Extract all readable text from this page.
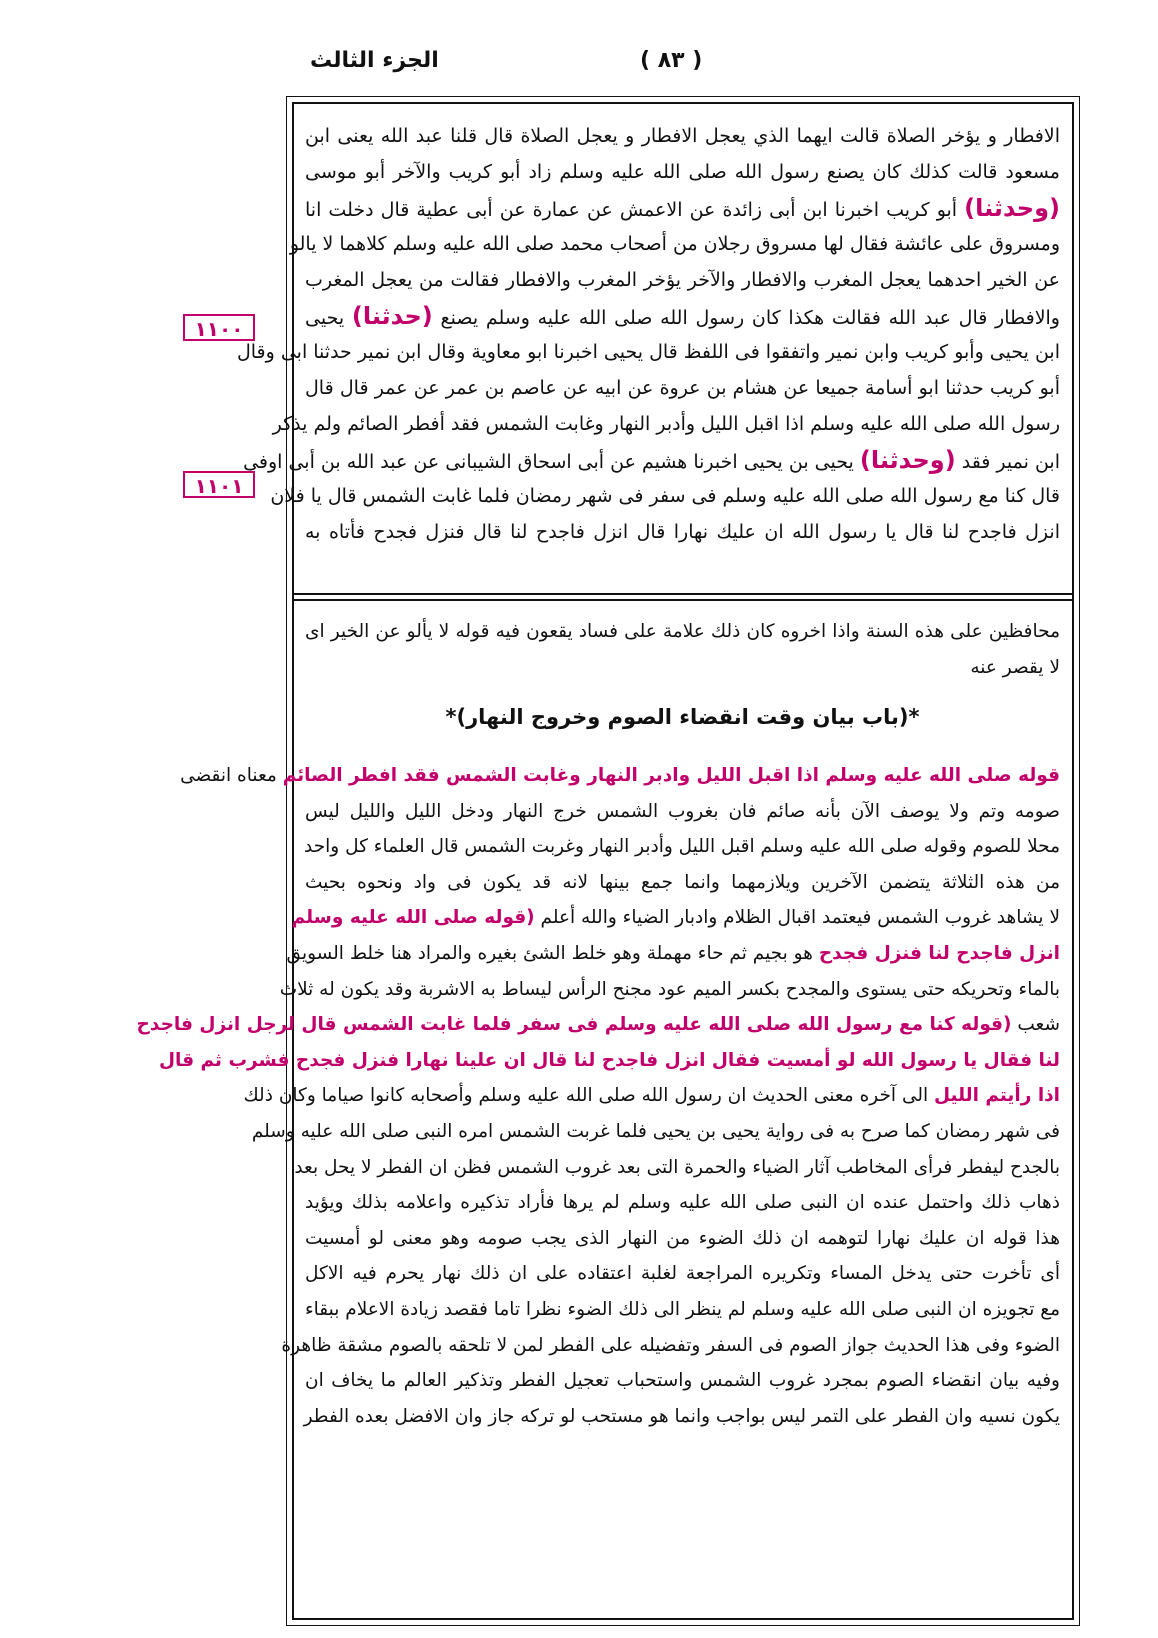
الجزء الثالث	( ٨٣ )
١١٠٠
١١٠١
الافطار و يؤخر الصلاة قالت ايهما الذي يعجل الافطار و يعجل الصلاة قال قلنا عبد الله يعنى ابن
مسعود قالت كذلك كان يصنع رسول الله صلى الله عليه وسلم زاد أبو كريب والآخر أبو موسى
(وحدثنا) أبو كريب اخبرنا ابن أبى زائدة عن الاعمش عن عمارة عن أبى عطية قال دخلت انا
ومسروق على عائشة فقال لها مسروق رجلان من أصحاب محمد صلى الله عليه وسلم كلاهما لا يالو
عن الخير احدهما يعجل المغرب والافطار والآخر يؤخر المغرب والافطار فقالت من يعجل المغرب
والافطار قال عبد الله فقالت هكذا كان رسول الله صلى الله عليه وسلم يصنع (حدثنا) يحيى
ابن يحيى وأبو كريب وابن نمير واتفقوا فى اللفظ قال يحيى اخبرنا ابو معاوية وقال ابن نمير حدثنا ابى وقال
أبو كريب حدثنا ابو أسامة جميعا عن هشام بن عروة عن ابيه عن عاصم بن عمر عن عمر قال قال
رسول الله صلى الله عليه وسلم اذا اقبل الليل وأدبر النهار وغابت الشمس فقد أفطر الصائم ولم يذكر
ابن نمير فقد (وحدثنا) يحيى بن يحيى اخبرنا هشيم عن أبى اسحاق الشيبانى عن عبد الله بن أبى اوفى
قال كنا مع رسول الله صلى الله عليه وسلم فى سفر فى شهر رمضان فلما غابت الشمس قال يا فلان
انزل فاجدح لنا قال يا رسول الله ان عليك نهارا قال انزل فاجدح لنا قال فنزل فجدح فأتاه به
محافظين على هذه السنة واذا اخروه كان ذلك علامة على فساد يقعون فيه قوله لا يألو عن الخير اى
لا يقصر عنه
*(باب بيان وقت انقضاء الصوم وخروج النهار)*
قوله صلى الله عليه وسلم اذا اقبل الليل وادبر النهار وغابت الشمس فقد افطر الصائم معناه انقضى
صومه وتم ولا يوصف الآن بأنه صائم فان بغروب الشمس خرج النهار ودخل الليل والليل ليس
محلا للصوم وقوله صلى الله عليه وسلم اقبل الليل وأدبر النهار وغربت الشمس قال العلماء كل واحد
من هذه الثلاثة يتضمن الآخرين ويلازمهما وانما جمع بينها لانه قد يكون فى واد ونحوه بحيث
لا يشاهد غروب الشمس فيعتمد اقبال الظلام وادبار الضياء والله أعلم (قوله صلى الله عليه وسلم
انزل فاجدح لنا فنزل فجدح هو بجيم ثم حاء مهملة وهو خلط الشئ بغيره والمراد هنا خلط السويق
بالماء وتحريكه حتى يستوى والمجدح بكسر الميم عود مجنح الرأس ليساط به الاشربة وقد يكون له ثلاث
شعب (قوله كنا مع رسول الله صلى الله عليه وسلم فى سفر فلما غابت الشمس قال لرجل انزل فاجدح
لنا فقال يا رسول الله لو أمسيت فقال انزل فاجدح لنا قال ان علينا نهارا فنزل فجدح فشرب ثم قال
اذا رأيتم الليل الى آخره معنى الحديث ان رسول الله صلى الله عليه وسلم وأصحابه كانوا صياما وكان ذلك
فى شهر رمضان كما صرح به فى رواية يحيى بن يحيى فلما غربت الشمس امره النبى صلى الله عليه وسلم
بالجدح ليفطر فرأى المخاطب آثار الضياء والحمرة التى بعد غروب الشمس فظن ان الفطر لا يحل بعد
ذهاب ذلك واحتمل عنده ان النبى صلى الله عليه وسلم لم يرها فأراد تذكيره واعلامه بذلك ويؤيد
هذا قوله ان عليك نهارا لتوهمه ان ذلك الضوء من النهار الذى يجب صومه وهو معنى لو أمسيت
أى تأخرت حتى يدخل المساء وتكريره المراجعة لغلبة اعتقاده على ان ذلك نهار يحرم فيه الاكل
مع تجويزه ان النبى صلى الله عليه وسلم لم ينظر الى ذلك الضوء نظرا تاما فقصد زيادة الاعلام ببقاء
الضوء وفى هذا الحديث جواز الصوم فى السفر وتفضيله على الفطر لمن لا تلحقه بالصوم مشقة ظاهرة
وفيه بيان انقضاء الصوم بمجرد غروب الشمس واستحباب تعجيل الفطر وتذكير العالم ما يخاف ان
يكون نسيه وان الفطر على التمر ليس بواجب وانما هو مستحب لو تركه جاز وان الافضل بعده الفطر
